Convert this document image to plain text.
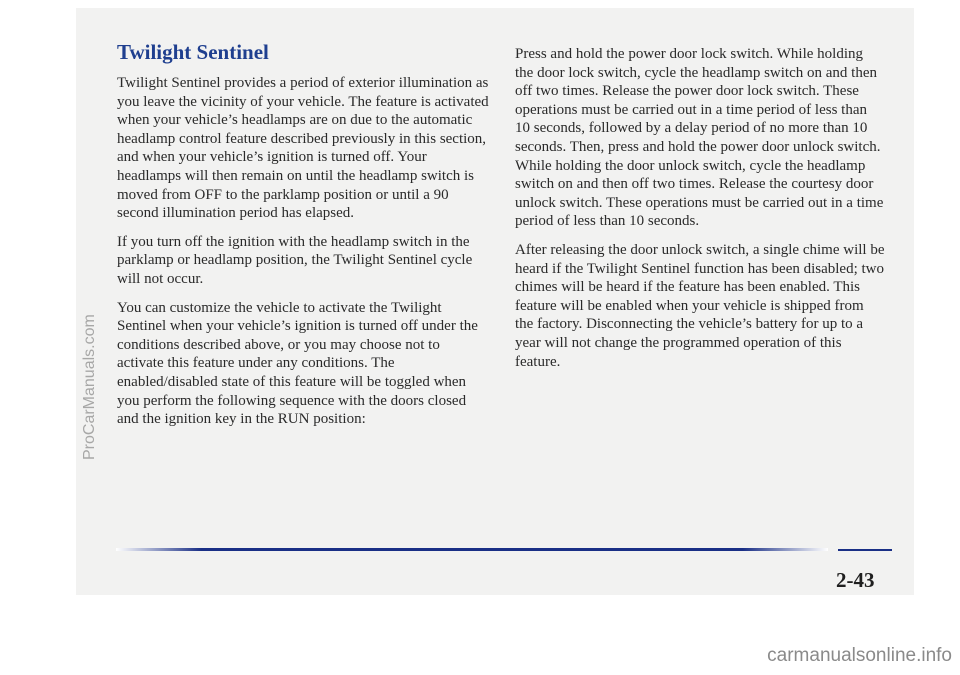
Twilight Sentinel

Twilight Sentinel provides a period of exterior illumination as you leave the vicinity of your vehicle. The feature is activated when your vehicle’s headlamps are on due to the automatic headlamp control feature described previously in this section, and when your vehicle’s ignition is turned off. Your headlamps will then remain on until the headlamp switch is moved from OFF to the parklamp position or until a 90 second illumination period has elapsed.

If you turn off the ignition with the headlamp switch in the parklamp or headlamp position, the Twilight Sentinel cycle will not occur.

You can customize the vehicle to activate the Twilight Sentinel when your vehicle’s ignition is turned off under the conditions described above, or you may choose not to activate this feature under any conditions. The enabled/disabled state of this feature will be toggled when you perform the following sequence with the doors closed and the ignition key in the RUN position:

Press and hold the power door lock switch. While holding the door lock switch, cycle the headlamp switch on and then off two times. Release the power door lock switch. These operations must be carried out in a time period of less than 10 seconds, followed by a delay period of no more than 10 seconds. Then, press and hold the power door unlock switch. While holding the door unlock switch, cycle the headlamp switch on and then off two times. Release the courtesy door unlock switch. These operations must be carried out in a time period of less than 10 seconds.

After releasing the door unlock switch, a single chime will be heard if the Twilight Sentinel function has been disabled; two chimes will be heard if the feature has been enabled. This feature will be enabled when your vehicle is shipped from the factory. Disconnecting the vehicle’s battery for up to a year will not change the programmed operation of this feature.

2-43
ProCarManuals.com
carmanualsonline.info
